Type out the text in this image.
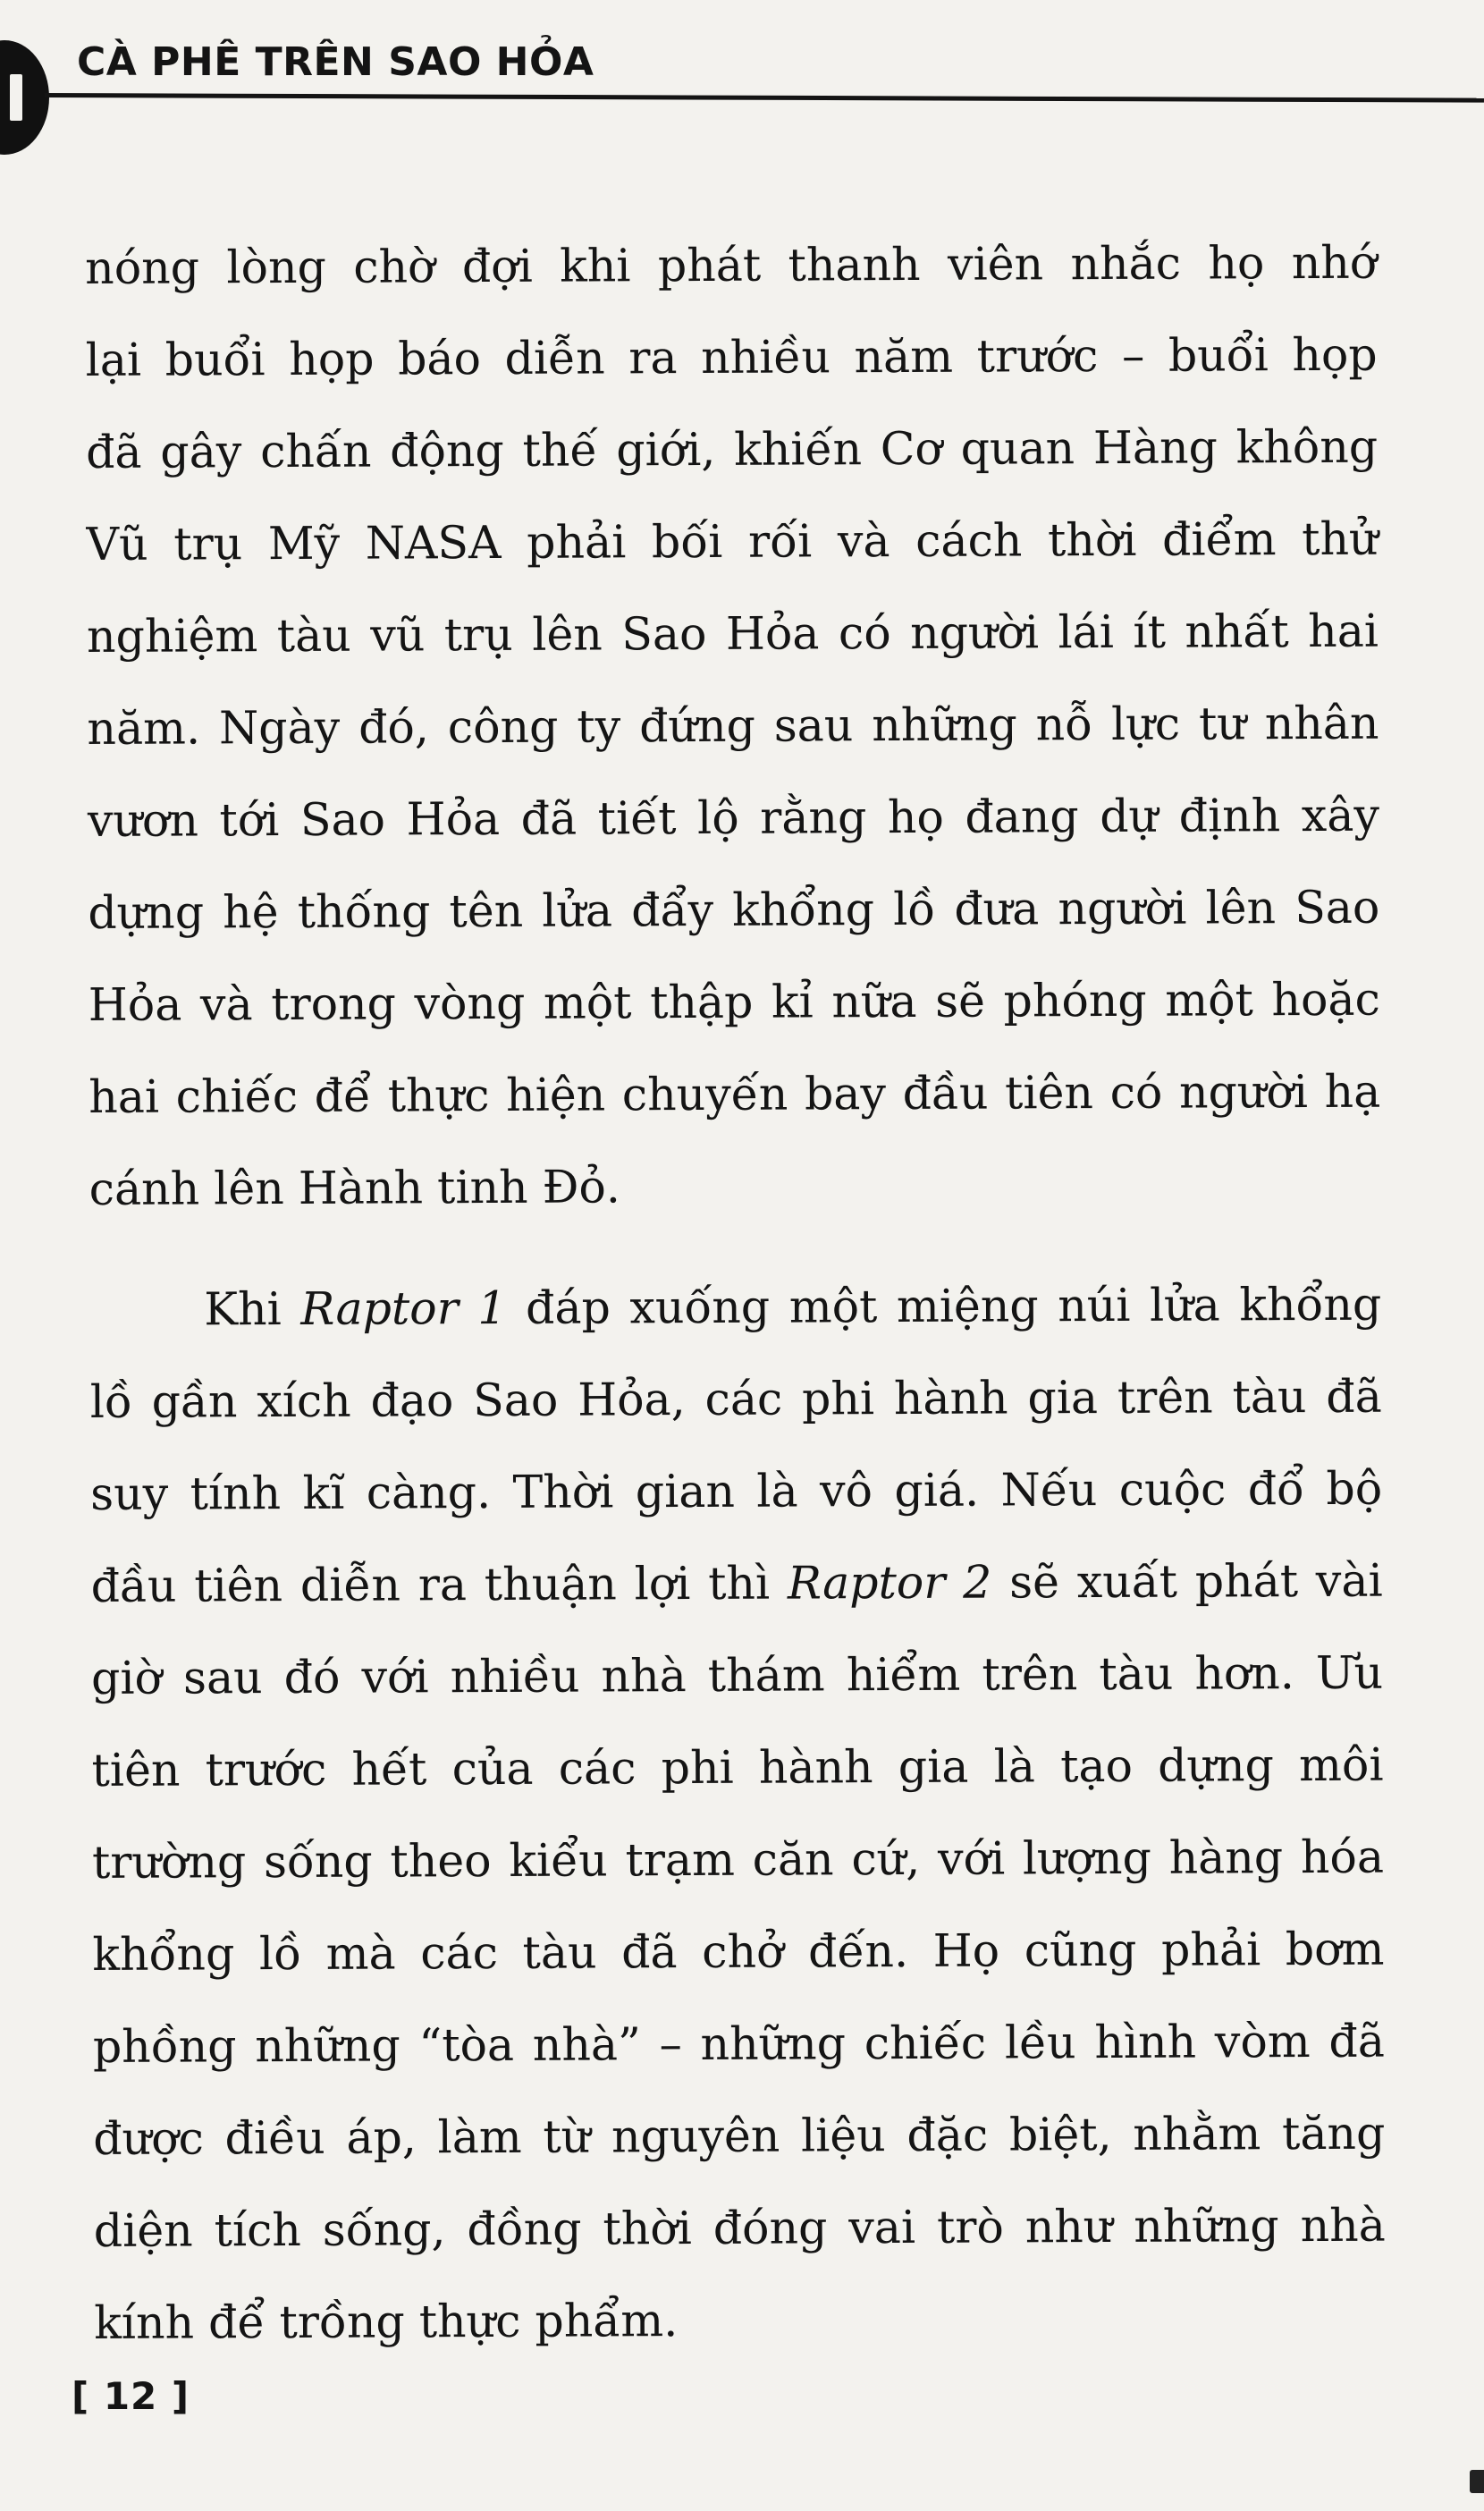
CÀ PHÊ TRÊN SAO HỎA
nóng lòng chờ đợi khi phát thanh viên nhắc họ nhớ
lại buổi họp báo diễn ra nhiều năm trước – buổi họp
đã gây chấn động thế giới, khiến Cơ quan Hàng không
Vũ trụ Mỹ NASA phải bối rối và cách thời điểm thử
nghiệm tàu vũ trụ lên Sao Hỏa có người lái ít nhất hai
năm. Ngày đó, công ty đứng sau những nỗ lực tư nhân
vươn tới Sao Hỏa đã tiết lộ rằng họ đang dự định xây
dựng hệ thống tên lửa đẩy khổng lồ đưa người lên Sao
Hỏa và trong vòng một thập kỉ nữa sẽ phóng một hoặc
hai chiếc để thực hiện chuyến bay đầu tiên có người hạ
cánh lên Hành tinh Đỏ.
Khi Raptor 1 đáp xuống một miệng núi lửa khổng
lồ gần xích đạo Sao Hỏa, các phi hành gia trên tàu đã
suy tính kĩ càng. Thời gian là vô giá. Nếu cuộc đổ bộ
đầu tiên diễn ra thuận lợi thì Raptor 2 sẽ xuất phát vài
giờ sau đó với nhiều nhà thám hiểm trên tàu hơn. Ưu
tiên trước hết của các phi hành gia là tạo dựng môi
trường sống theo kiểu trạm căn cứ, với lượng hàng hóa
khổng lồ mà các tàu đã chở đến. Họ cũng phải bơm
phồng những “tòa nhà” – những chiếc lều hình vòm đã
được điều áp, làm từ nguyên liệu đặc biệt, nhằm tăng
diện tích sống, đồng thời đóng vai trò như những nhà
kính để trồng thực phẩm.
[ 12 ]
